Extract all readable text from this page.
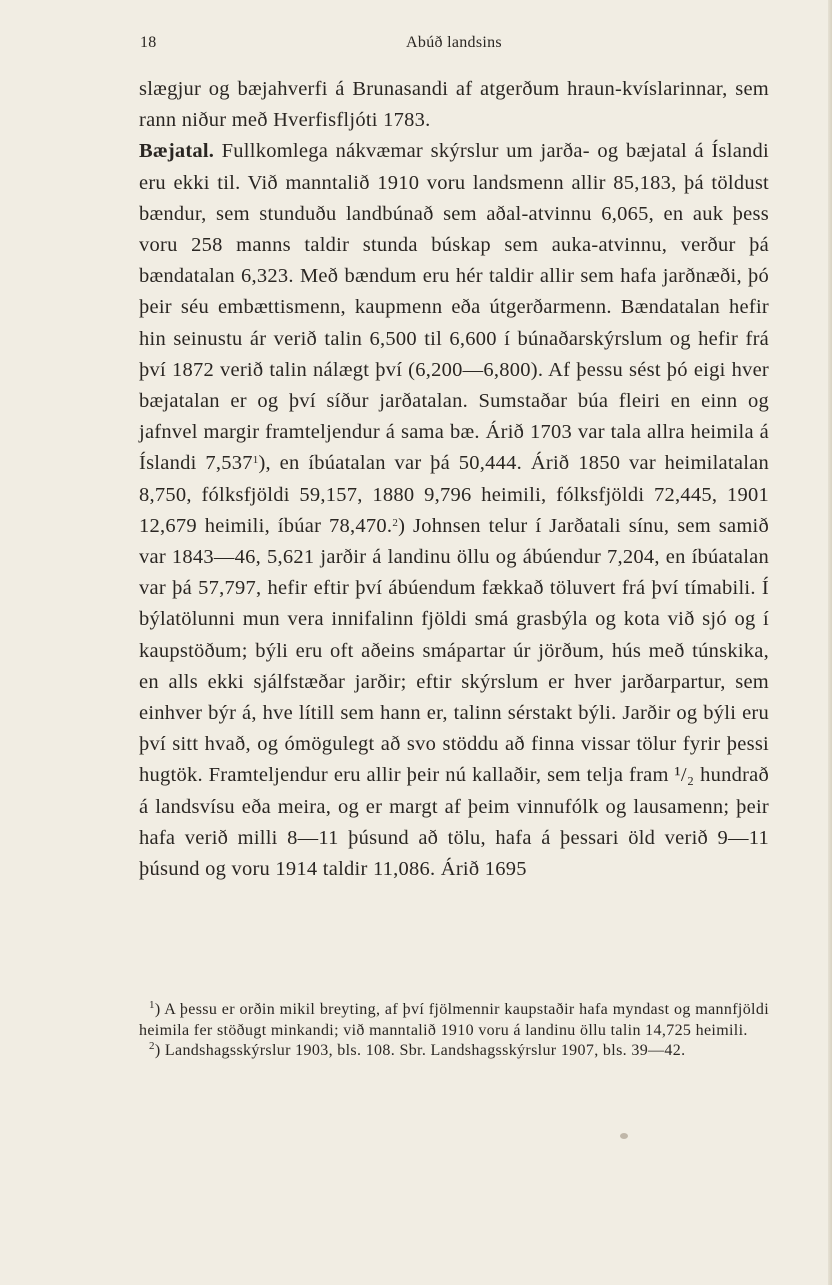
18	Abúð landsins

slægjur og bæjahverfi á Brunasandi af atgerðum hraun-kvíslarinnar, sem rann niður með Hverfisfljóti 1783.

Bæjatal. Fullkomlega nákvæmar skýrslur um jarða- og bæjatal á Íslandi eru ekki til. Við manntalið 1910 voru landsmenn allir 85,183, þá töldust bændur, sem stunduðu landbúnað sem aðal-atvinnu 6,065, en auk þess voru 258 manns taldir stunda búskap sem auka-atvinnu, verður þá bændatalan 6,323. Með bændum eru hér taldir allir sem hafa jarðnæði, þó þeir séu embættismenn, kaupmenn eða útgerðarmenn. Bændatalan hefir hin seinustu ár verið talin 6,500 til 6,600 í búnaðarskýrslum og hefir frá því 1872 verið talin nálægt því (6,200—6,800). Af þessu sést þó eigi hver bæjatalan er og því síður jarðatalan. Sumstaðar búa fleiri en einn og jafnvel margir framteljendur á sama bæ. Árið 1703 var tala allra heimila á Íslandi 7,537$^1$), en íbúatalan var þá 50,444. Árið 1850 var heimilatalan 8,750, fólksfjöldi 59,157, 1880 9,796 heimili, fólksfjöldi 72,445, 1901 12,679 heimili, íbúar 78,470.$^2$) Johnsen telur í Jarðatali sínu, sem samið var 1843—46, 5,621 jarðir á landinu öllu og ábúendur 7,204, en íbúatalan var þá 57,797, hefir eftir því ábúendum fækkað töluvert frá því tímabili. Í býlatölunni mun vera innifalinn fjöldi smá grasbýla og kota við sjó og í kaupstöðum; býli eru oft aðeins smápartar úr jörðum, hús með túnskika, en alls ekki sjálfstæðar jarðir; eftir skýrslum er hver jarðarpartur, sem einhver býr á, hve lítill sem hann er, talinn sérstakt býli. Jarðir og býli eru því sitt hvað, og ómögulegt að svo stöddu að finna vissar tölur fyrir þessi hugtök. Framteljendur eru allir þeir nú kallaðir, sem telja fram ¹/₂ hundrað á landsvísu eða meira, og er margt af þeim vinnufólk og lausamenn; þeir hafa verið milli 8—11 þúsund að tölu, hafa á þessari öld verið 9—11 þúsund og voru 1914 taldir 11,086. Árið 1695

$^1$) A þessu er orðin mikil breyting, af því fjölmennir kaupstaðir hafa myndast og mannfjöldi heimila fer stöðugt minkandi; við manntalið 1910 voru á landinu öllu talin 14,725 heimili.

$^2$) Landshagsskýrslur 1903, bls. 108. Sbr. Landshagsskýrslur 1907, bls. 39—42.
